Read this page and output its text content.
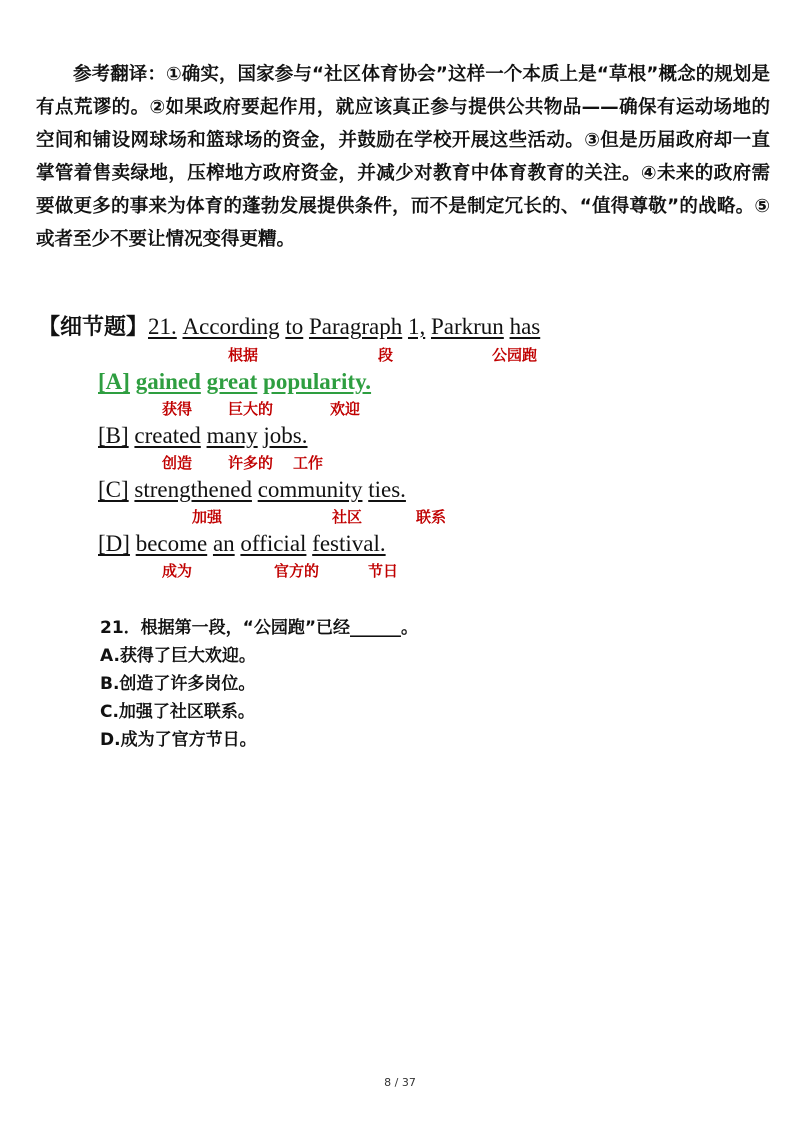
参考翻译：①确实，国家参与“社区体育协会”这样一个本质上是“草根”概念的规划是有点荒谬的。②如果政府要起作用，就应该真正参与提供公共物品——确保有运动场地的空间和铺设网球场和篮球场的资金，并鼓励在学校开展这些活动。③但是历届政府却一直掌管着售卖绿地，压榨地方政府资金，并减少对教育中体育教育的关注。④未来的政府需要做更多的事来为体育的蓬勃发展提供条件，而不是制定冗长的、“值得尊敬”的战略。⑤或者至少不要让情况变得更糟。

【细节题】21. According to Paragraph 1, Parkrun has
根据	段	公园跑
[A] gained great popularity.
获得 巨大的	欢迎
[B] created many jobs.
创造 许多的 工作
[C] strengthened community ties.
加强	社区	联系
[D] become an official festival.
成为	官方的	节日
21．根据第一段，“公园跑”已经______。
A.获得了巨大欢迎。
B.创造了许多岗位。
C.加强了社区联系。
D.成为了官方节日。
8 / 37
